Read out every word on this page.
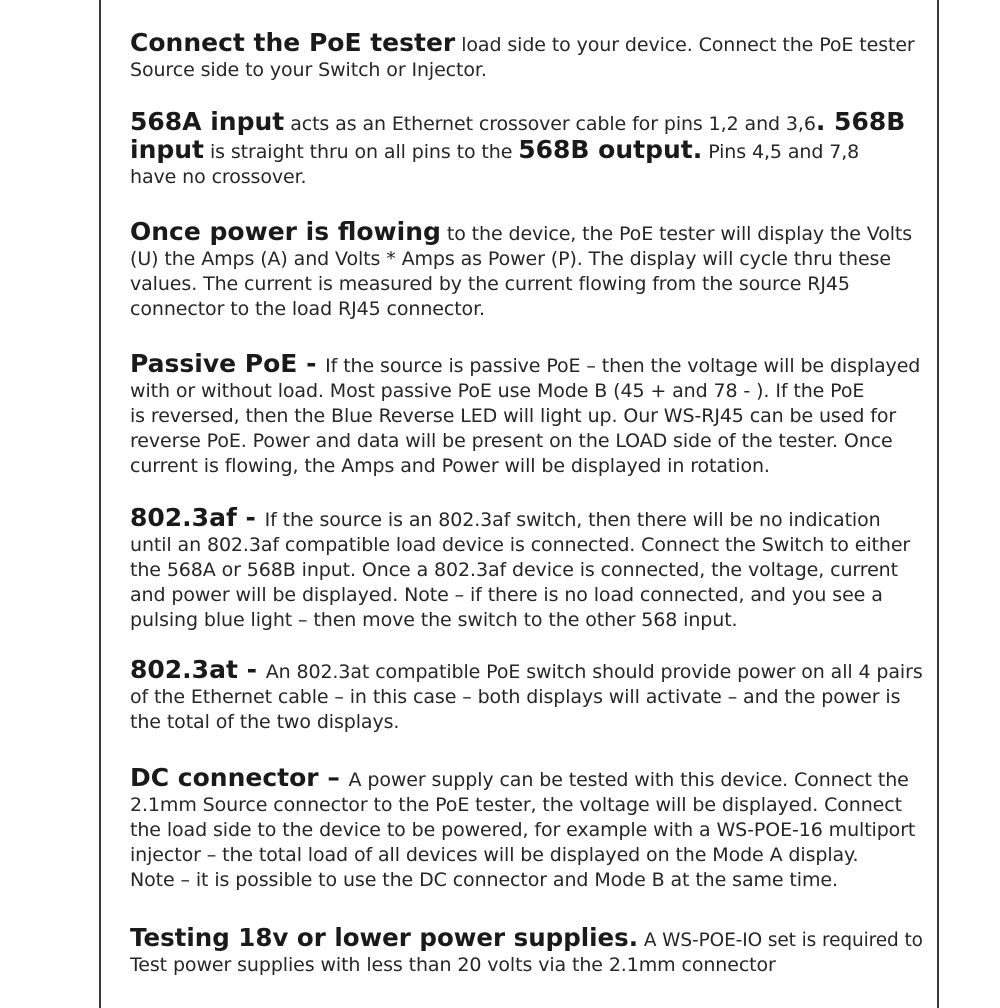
Connect the PoE tester load side to your device. Connect the PoE tester
Source side to your Switch or Injector.

568A input acts as an Ethernet crossover cable for pins 1,2 and 3,6. 568B
input is straight thru on all pins to the 568B output. Pins 4,5 and 7,8
have no crossover.

Once power is flowing to the device, the PoE tester will display the Volts
(U) the Amps (A) and Volts * Amps as Power (P). The display will cycle thru these
values. The current is measured by the current flowing from the source RJ45
connector to the load RJ45 connector.

Passive PoE - If the source is passive PoE – then the voltage will be displayed
with or without load. Most passive PoE use Mode B (45 + and 78 - ). If the PoE
is reversed, then the Blue Reverse LED will light up. Our WS-RJ45 can be used for
reverse PoE. Power and data will be present on the LOAD side of the tester. Once
current is flowing, the Amps and Power will be displayed in rotation.

802.3af - If the source is an 802.3af switch, then there will be no indication
until an 802.3af compatible load device is connected. Connect the Switch to either
the 568A or 568B input. Once a 802.3af device is connected, the voltage, current
and power will be displayed. Note – if there is no load connected, and you see a
pulsing blue light – then move the switch to the other 568 input.

802.3at - An 802.3at compatible PoE switch should provide power on all 4 pairs
of the Ethernet cable – in this case – both displays will activate – and the power is
the total of the two displays.

DC connector – A power supply can be tested with this device. Connect the
2.1mm Source connector to the PoE tester, the voltage will be displayed. Connect
the load side to the device to be powered, for example with a WS-POE-16 multiport
injector – the total load of all devices will be displayed on the Mode A display.
Note – it is possible to use the DC connector and Mode B at the same time.

Testing 18v or lower power supplies. A WS-POE-IO set is required to
Test power supplies with less than 20 volts via the 2.1mm connector
